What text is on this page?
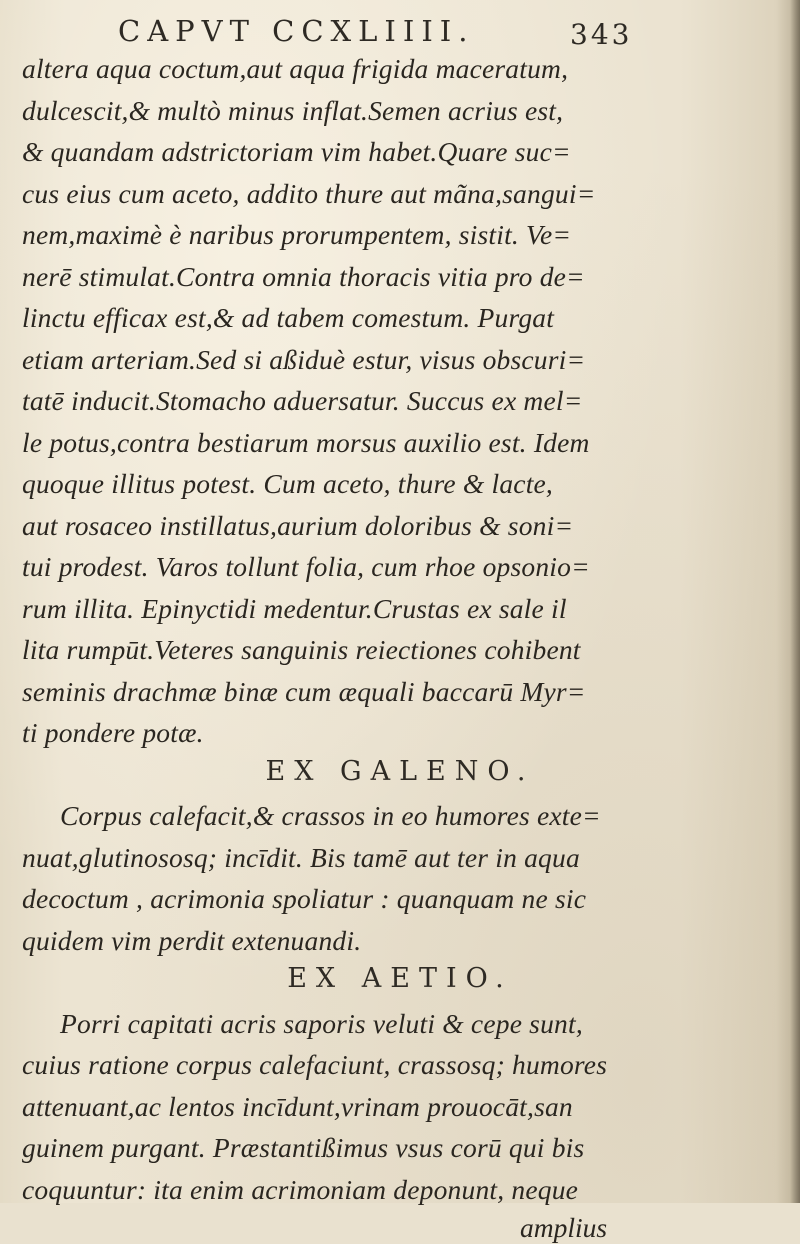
CAPVT CCXLIIII.	343
altera aqua coctum,aut aqua frigida maceratum,
dulcescit,& multò minus inflat.Semen acrius est,
& quandam adstrictoriam vim habet.Quare suc=
cus eius cum aceto, addito thure aut mãna,sangui=
nem,maximè è naribus prorumpentem, sistit. Ve=
nerē stimulat.Contra omnia thoracis vitia pro de=
linctu efficax est,& ad tabem comestum. Purgat
etiam arteriam.Sed si aßiduè estur, visus obscuri=
tatē inducit.Stomacho aduersatur. Succus ex mel=
le potus,contra bestiarum morsus auxilio est. Idem
quoque illitus potest. Cum aceto, thure & lacte,
aut rosaceo instillatus,aurium doloribus & soni=
tui prodest. Varos tollunt folia, cum rhoe opsonio=
rum illita. Epinyctidi medentur.Crustas ex sale il
lita rumpūt.Veteres sanguinis reiectiones cohibent
seminis drachmæ binæ cum æquali baccarū Myr=
ti pondere potæ.
EX GALENO.
Corpus calefacit,& crassos in eo humores exte=
nuat,glutinososq; incīdit. Bis tamē aut ter in aqua
decoctum , acrimonia spoliatur : quanquam ne sic
quidem vim perdit extenuandi.
EX AETIO.
Porri capitati acris saporis veluti & cepe sunt,
cuius ratione corpus calefaciunt, crassosq; humores
attenuant,ac lentos incīdunt,vrinam prouocāt,san
guinem purgant. Præstantißimus vsus corū qui bis
coquuntur: ita enim acrimoniam deponunt, neque
amplius
